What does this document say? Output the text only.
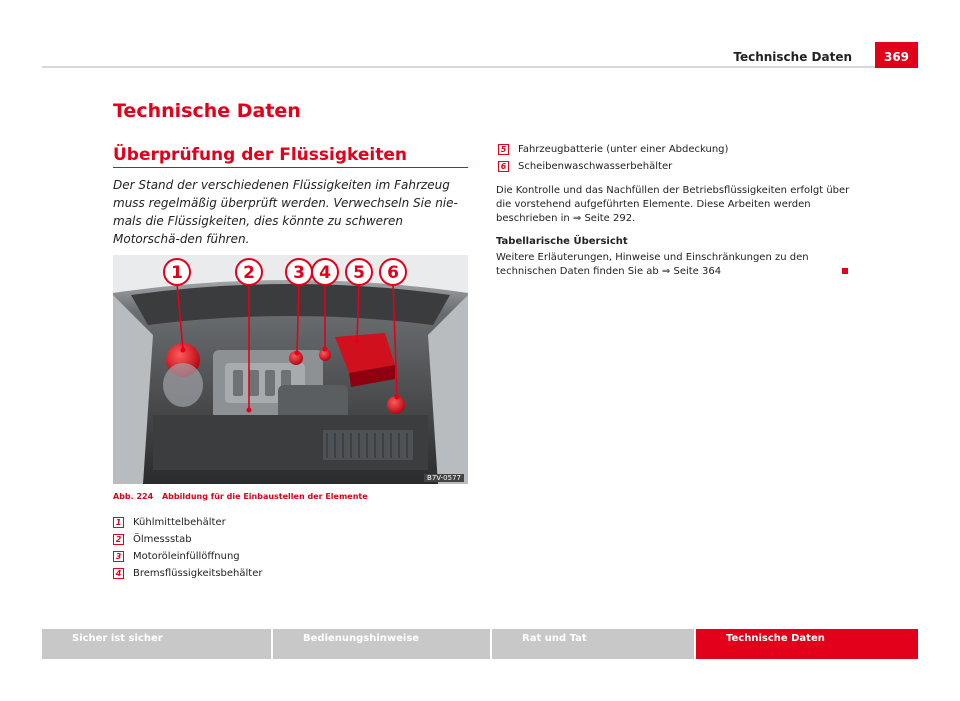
Technische Daten	369
Technische Daten
Überprüfung der Flüssigkeiten
Der Stand der verschiedenen Flüssigkeiten im Fahrzeug muss regelmäßig überprüft werden. Verwechseln Sie nie-mals die Flüssigkeiten, dies könnte zu schweren Motorschä-den führen.
1	2 3 4 5 6
B7V-0577
Abb. 224 Abbildung für die Einbaustellen der Elemente
1 Kühlmittelbehälter
2 Ölmessstab
3 Motoröleinfüllöffnung
4 Bremsflüssigkeitsbehälter
5 Fahrzeugbatterie (unter einer Abdeckung)
6 Scheibenwaschwasserbehälter
Die Kontrolle und das Nachfüllen der Betriebsflüssigkeiten erfolgt über die vorstehend aufgeführten Elemente. Diese Arbeiten werden beschrieben in ⇒ Seite 292.
Tabellarische Übersicht
Weitere Erläuterungen, Hinweise und Einschränkungen zu den technischen Daten finden Sie ab ⇒ Seite 364
Sicher ist sicher	Bedienungshinweise	Rat und Tat	Technische Daten
